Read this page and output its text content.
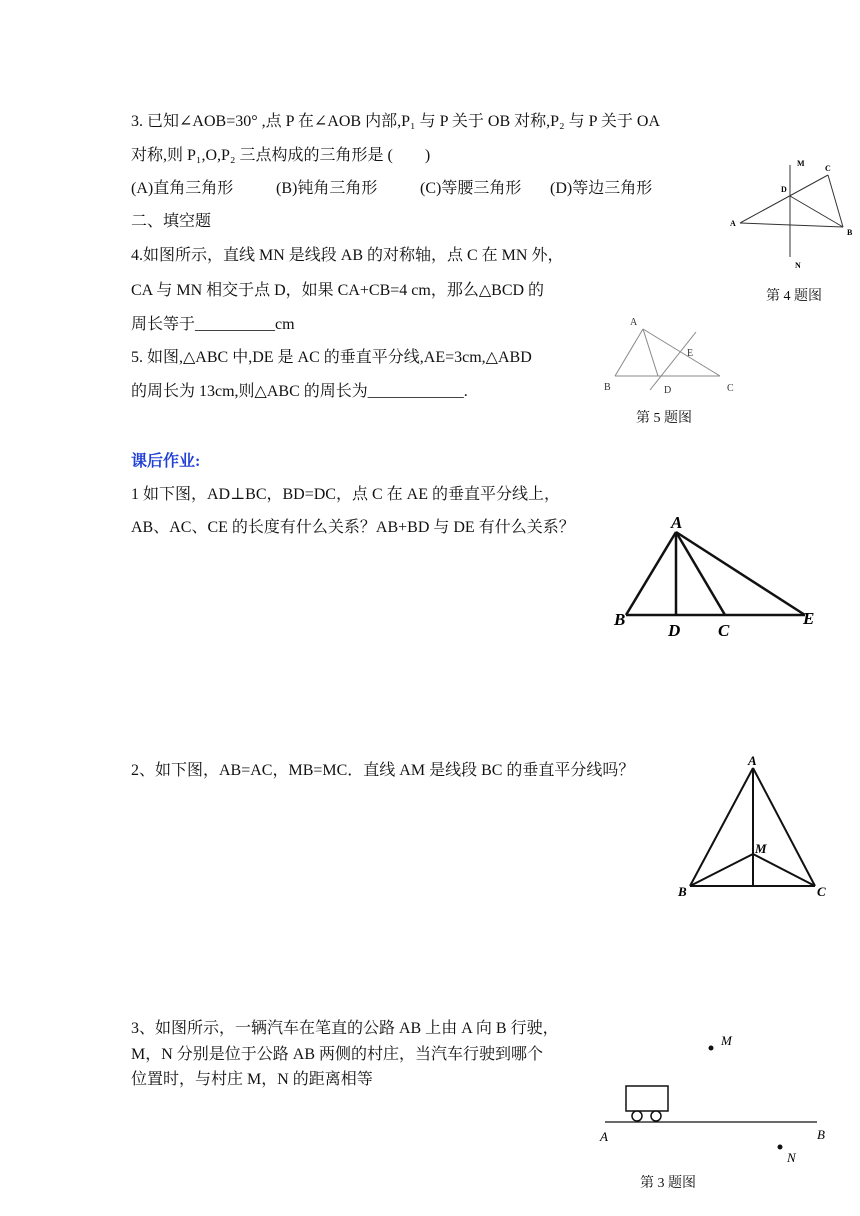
3. 已知∠AOB=30° ,点 P 在∠AOB 内部,P₁ 与 P 关于 OB 对称,P₂ 与 P 关于 OA
对称,则 P₁,O,P₂ 三点构成的三角形是 (　　)
(A)直角三角形	(B)钝角三角形	(C)等腰三角形 (D)等边三角形
二、填空题
4.如图所示，直线 MN 是线段 AB 的对称轴，点 C 在 MN 外，
CA 与 MN 相交于点 D，如果 CA+CB=4 cm，那么△BCD 的
周长等于__________cm
M
C
D
A
B
N
第 4 题图
5. 如图,△ABC 中,DE 是 AC 的垂直平分线,AE=3cm,△ABD
的周长为 13cm,则△ABC 的周长为____________.
A
E
B	D	C
第 5 题图
课后作业:
1 如下图，AD⊥BC，BD=DC，点 C 在 AE 的垂直平分线上，
AB、AC、CE 的长度有什么关系？AB+BD 与 DE 有什么关系？	A
B
D C
E
2、如下图，AB=AC，MB=MC．直线 AM 是线段 BC 的垂直平分线吗？
A
M
B	C
3、如图所示，一辆汽车在笔直的公路 AB 上由 A 向 B 行驶，
M，N 分别是位于公路 AB 两侧的村庄，当汽车行驶到哪个
位置时，与村庄 M，N 的距离相等
M
A	B
N
第 3 题图
